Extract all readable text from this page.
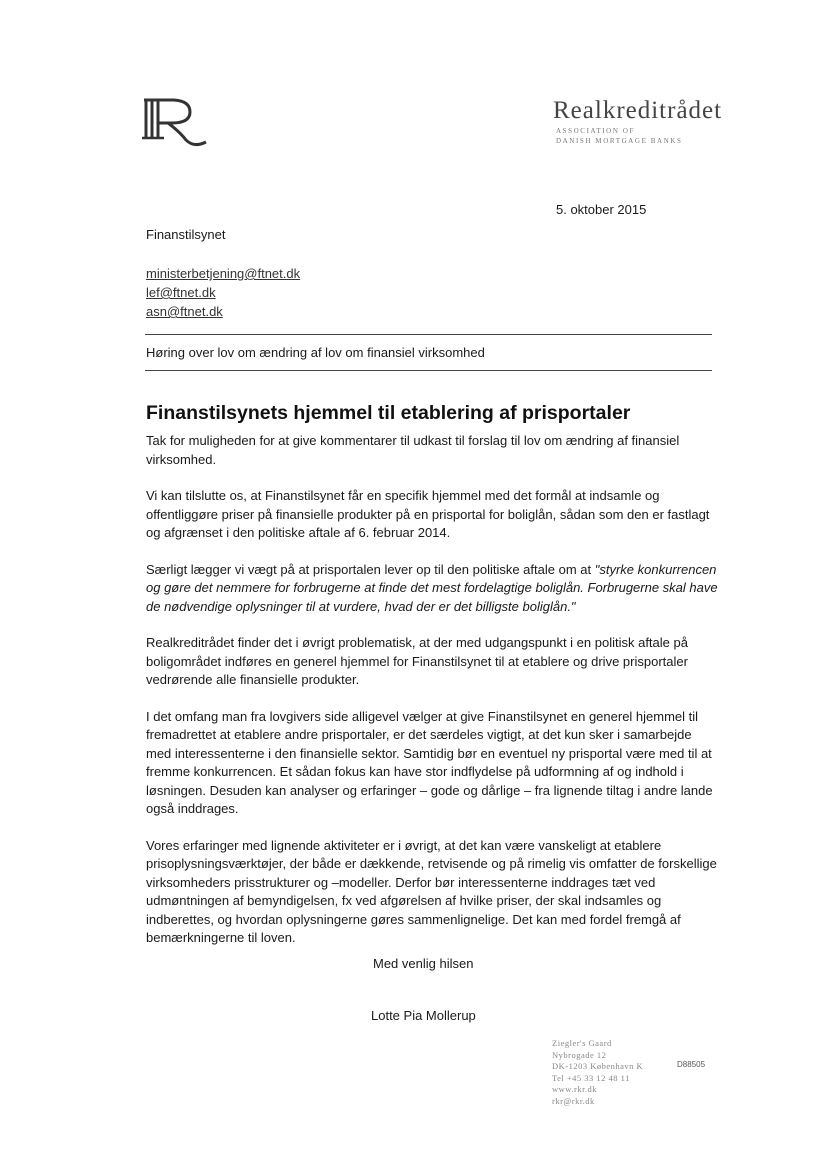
Realkreditrådet
ASSOCIATION OF
DANISH MORTGAGE BANKS
5. oktober 2015
Finanstilsynet
ministerbetjening@ftnet.dk
lef@ftnet.dk
asn@ftnet.dk
Høring over lov om ændring af lov om finansiel virksomhed
Finanstilsynets hjemmel til etablering af prisportaler

Tak for muligheden for at give kommentarer til udkast til forslag til lov om ændring af finansiel virksomhed.

Vi kan tilslutte os, at Finanstilsynet får en specifik hjemmel med det formål at indsamle og offentliggøre priser på finansielle produkter på en prisportal for boliglån, sådan som den er fastlagt og afgrænset i den politiske aftale af 6. februar 2014.

Særligt lægger vi vægt på at prisportalen lever op til den politiske aftale om at "styrke konkurrencen og gøre det nemmere for forbrugerne at finde det mest fordelagtige boliglån. Forbrugerne skal have de nødvendige oplysninger til at vurdere, hvad der er det billigste boliglån."

Realkreditrådet finder det i øvrigt problematisk, at der med udgangspunkt i en politisk aftale på boligområdet indføres en generel hjemmel for Finanstilsynet til at etablere og drive prisportaler vedrørende alle finansielle produkter.

I det omfang man fra lovgivers side alligevel vælger at give Finanstilsynet en generel hjemmel til fremadrettet at etablere andre prisportaler, er det særdeles vigtigt, at det kun sker i samarbejde med interessenterne i den finansielle sektor. Samtidig bør en eventuel ny prisportal være med til at fremme konkurrencen. Et sådan fokus kan have stor indflydelse på udformning af og indhold i løsningen. Desuden kan analyser og erfaringer – gode og dårlige – fra lignende tiltag i andre lande også inddrages.

Vores erfaringer med lignende aktiviteter er i øvrigt, at det kan være vanskeligt at etablere prisoplysningsværktøjer, der både er dækkende, retvisende og på rimelig vis omfatter de forskellige virksomheders prisstrukturer og –modeller. Derfor bør interessenterne inddrages tæt ved udmøntningen af bemyndigelsen, fx ved afgørelsen af hvilke priser, der skal indsamles og indberettes, og hvordan oplysningerne gøres sammenlignelige. Det kan med fordel fremgå af bemærkningerne til loven.

Med venlig hilsen
Lotte Pia Mollerup
Ziegler's Gaard
Nybrogade 12
DK-1203 København K
Tel +45 33 12 48 11
www.rkr.dk
rkr@rkr.dk
D88505
